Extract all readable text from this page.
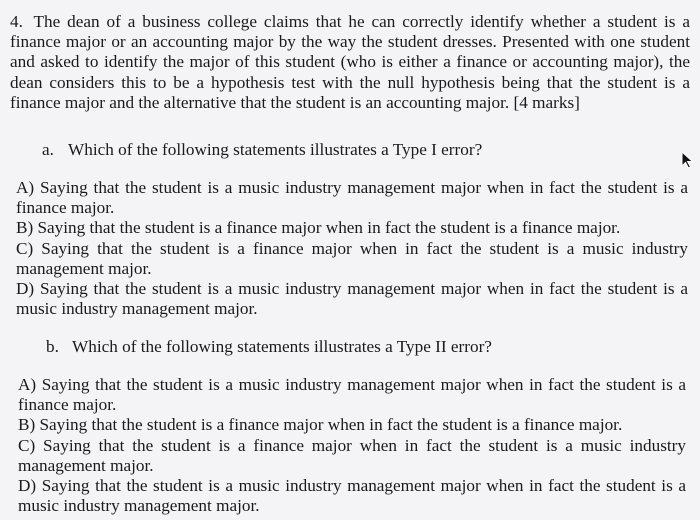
4. The dean of a business college claims that he can correctly identify whether a student is a finance major or an accounting major by the way the student dresses. Presented with one student and asked to identify the major of this student (who is either a finance or accounting major), the dean considers this to be a hypothesis test with the null hypothesis being that the student is a finance major and the alternative that the student is an accounting major. [4 marks]
a. Which of the following statements illustrates a Type I error?

A) Saying that the student is a music industry management major when in fact the student is a finance major.

B) Saying that the student is a finance major when in fact the student is a finance major.

C) Saying that the student is a finance major when in fact the student is a music industry management major.

D) Saying that the student is a music industry management major when in fact the student is a music industry management major.

b. Which of the following statements illustrates a Type II error?

A) Saying that the student is a music industry management major when in fact the student is a finance major.

B) Saying that the student is a finance major when in fact the student is a finance major.

C) Saying that the student is a finance major when in fact the student is a music industry management major.

D) Saying that the student is a music industry management major when in fact the student is a music industry management major.
